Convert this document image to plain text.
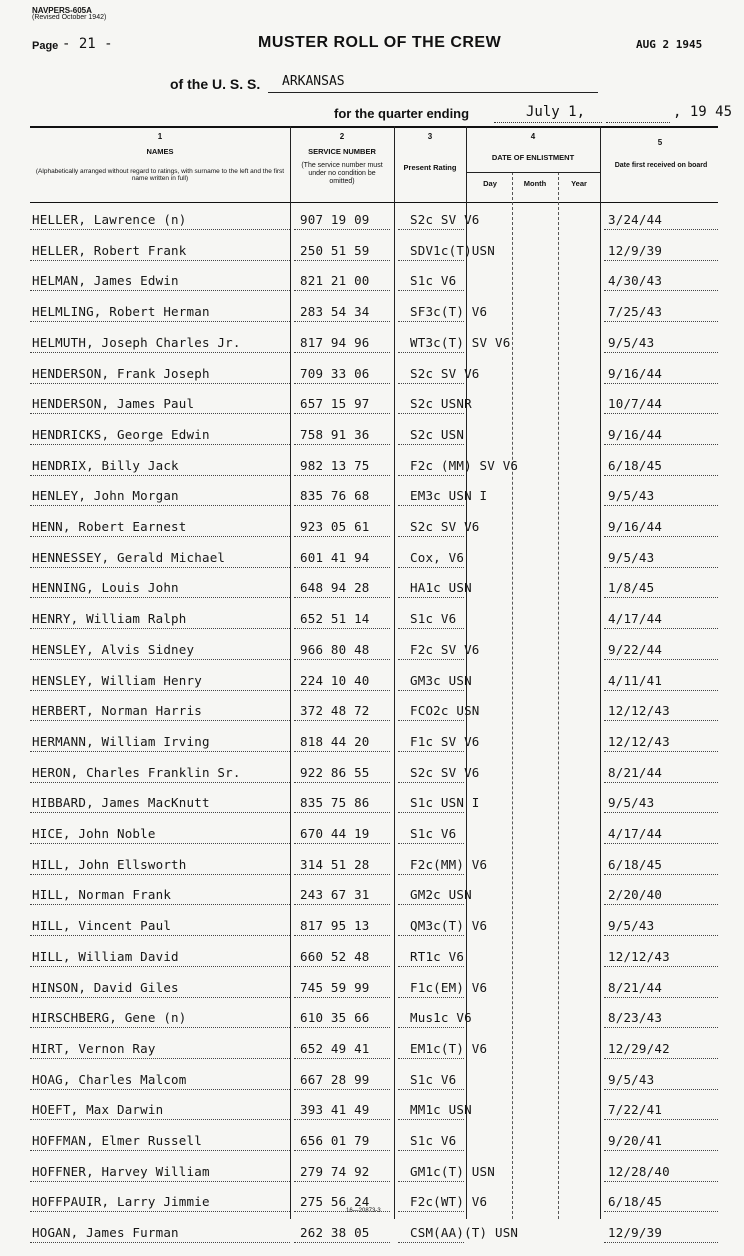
NAVPERS-605A
(Revised October 1942)
Page - 21 -	MUSTER ROLL OF THE CREW	AUG 2 1945
of the U. S. S. ARKANSAS
for the quarter ending	July 1,	, 19 45
1
NAMES
(Alphabetically arranged without regard to ratings, with surname to the left and the first name written in full)
2
SERVICE NUMBER
(The service number must under no condition be omitted)
3
Present Rating
4
DATE OF ENLISTMENT
Day	Month	Year
5
Date first received on board
HELLER, Lawrence (n)	907 19 09	S2c SV V6	3/24/44
HELLER, Robert Frank	250 51 59	SDV1c(T)USN	12/9/39
HELMAN, James Edwin	821 21 00	S1c V6	4/30/43
HELMLING, Robert Herman	283 54 34	SF3c(T) V6	7/25/43
HELMUTH, Joseph Charles Jr.	817 94 96	WT3c(T) SV V6	9/5/43
HENDERSON, Frank Joseph	709 33 06	S2c SV V6	9/16/44
HENDERSON, James Paul	657 15 97	S2c USNR	10/7/44
HENDRICKS, George Edwin	758 91 36	S2c USN	9/16/44
HENDRIX, Billy Jack	982 13 75	F2c (MM) SV V6	6/18/45
HENLEY, John Morgan	835 76 68	EM3c USN I	9/5/43
HENN, Robert Earnest	923 05 61	S2c SV V6	9/16/44
HENNESSEY, Gerald Michael	601 41 94	Cox, V6	9/5/43
HENNING, Louis John	648 94 28	HA1c USN	1/8/45
HENRY, William Ralph	652 51 14	S1c V6	4/17/44
HENSLEY, Alvis Sidney	966 80 48	F2c SV V6	9/22/44
HENSLEY, William Henry	224 10 40	GM3c USN	4/11/41
HERBERT, Norman Harris	372 48 72	FCO2c USN	12/12/43
HERMANN, William Irving	818 44 20	F1c SV V6	12/12/43
HERON, Charles Franklin Sr.	922 86 55	S2c SV V6	8/21/44
HIBBARD, James MacKnutt	835 75 86	S1c USN I	9/5/43
HICE, John Noble	670 44 19	S1c V6	4/17/44
HILL, John Ellsworth	314 51 28	F2c(MM) V6	6/18/45
HILL, Norman Frank	243 67 31	GM2c USN	2/20/40
HILL, Vincent Paul	817 95 13	QM3c(T) V6	9/5/43
HILL, William David	660 52 48	RT1c V6	12/12/43
HINSON, David Giles	745 59 99	F1c(EM) V6	8/21/44
HIRSCHBERG, Gene (n)	610 35 66	Mus1c V6	8/23/43
HIRT, Vernon Ray	652 49 41	EM1c(T) V6	12/29/42
HOAG, Charles Malcom	667 28 99	S1c V6	9/5/43
HOEFT, Max Darwin	393 41 49	MM1c USN	7/22/41
HOFFMAN, Elmer Russell	656 01 79	S1c V6	9/20/41
HOFFNER, Harvey William	279 74 92	GM1c(T) USN	12/28/40
HOFFPAUIR, Larry Jimmie	275 56 24	F2c(WT) V6	6/18/45
HOGAN, James Furman	262 38 05	CSM(AA)(T) USN	12/9/39
16—20873-3
